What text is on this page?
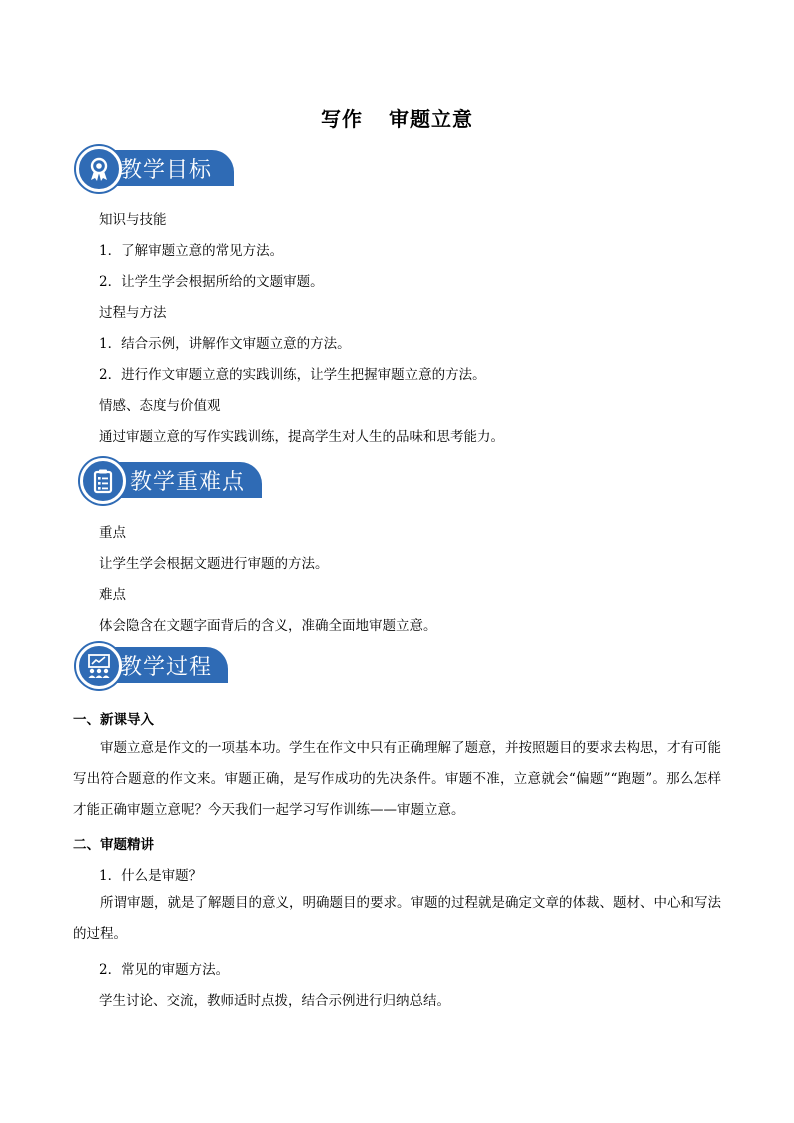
写作 审题立意
教学目标
知识与技能
1．了解审题立意的常见方法。
2．让学生学会根据所给的文题审题。
过程与方法
1．结合示例，讲解作文审题立意的方法。
2．进行作文审题立意的实践训练，让学生把握审题立意的方法。
情感、态度与价值观
通过审题立意的写作实践训练，提高学生对人生的品味和思考能力。
教学重难点
重点
让学生学会根据文题进行审题的方法。
难点
体会隐含在文题字面背后的含义，准确全面地审题立意。
教学过程
一、新课导入
审题立意是作文的一项基本功。学生在作文中只有正确理解了题意，并按照题目的要求去构思，才有可能写出符合题意的作文来。审题正确，是写作成功的先决条件。审题不准，立意就会“偏题”“跑题”。那么怎样才能正确审题立意呢？今天我们一起学习写作训练——审题立意。
二、审题精讲
1．什么是审题？
所谓审题，就是了解题目的意义，明确题目的要求。审题的过程就是确定文章的体裁、题材、中心和写法的过程。
2．常见的审题方法。
学生讨论、交流，教师适时点拨，结合示例进行归纳总结。
